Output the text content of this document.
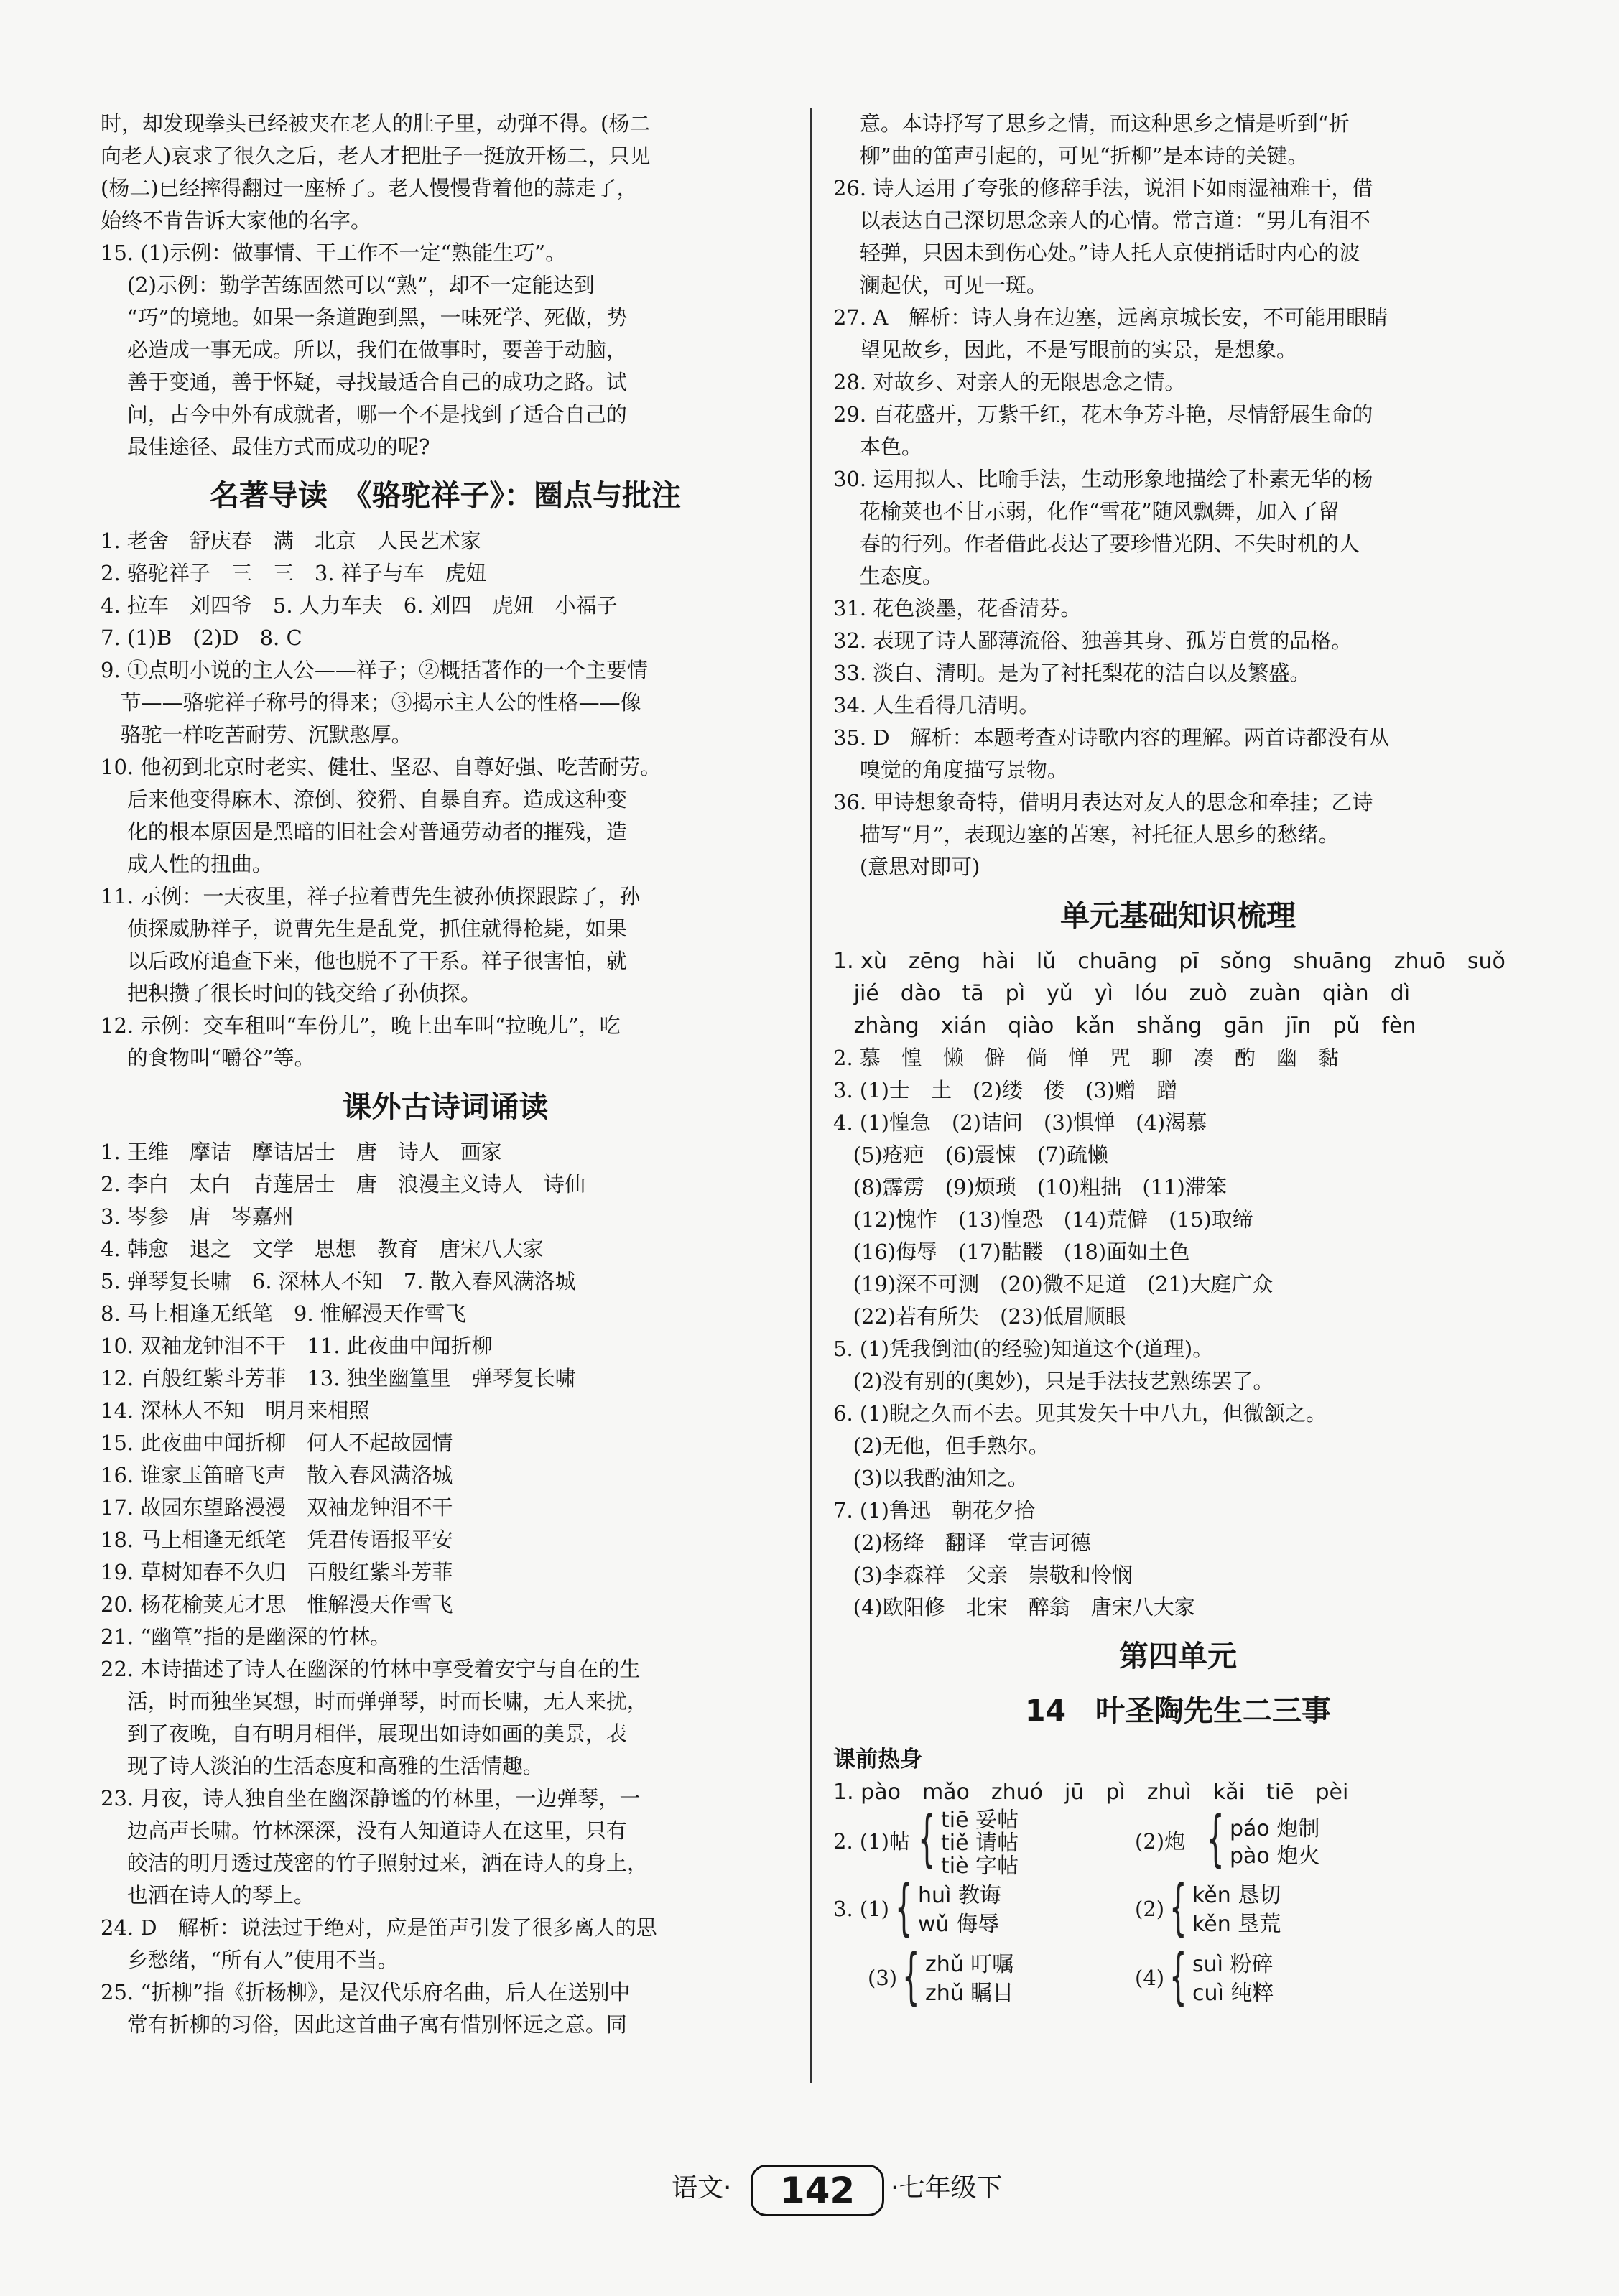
时，却发现拳头已经被夹在老人的肚子里，动弹不得。(杨二
向老人)哀求了很久之后，老人才把肚子一挺放开杨二，只见
(杨二)已经摔得翻过一座桥了。老人慢慢背着他的蒜走了，
始终不肯告诉大家他的名字。
15. (1)示例：做事情、干工作不一定“熟能生巧”。
(2)示例：勤学苦练固然可以“熟”，却不一定能达到
“巧”的境地。如果一条道跑到黑，一味死学、死做，势
必造成一事无成。所以，我们在做事时，要善于动脑，
善于变通，善于怀疑，寻找最适合自己的成功之路。试
问，古今中外有成就者，哪一个不是找到了适合自己的
最佳途径、最佳方式而成功的呢?
名著导读　《骆驼祥子》：圈点与批注
1. 老舍　舒庆春　满　北京　人民艺术家
2. 骆驼祥子　三　三　3. 祥子与车　虎妞
4. 拉车　刘四爷　5. 人力车夫　6. 刘四　虎妞　小福子
7. (1)B　(2)D　8. C
9. ①点明小说的主人公——祥子；②概括著作的一个主要情
节——骆驼祥子称号的得来；③揭示主人公的性格——像
骆驼一样吃苦耐劳、沉默憨厚。
10. 他初到北京时老实、健壮、坚忍、自尊好强、吃苦耐劳。
后来他变得麻木、潦倒、狡猾、自暴自弃。造成这种变
化的根本原因是黑暗的旧社会对普通劳动者的摧残，造
成人性的扭曲。
11. 示例：一天夜里，祥子拉着曹先生被孙侦探跟踪了，孙
侦探威胁祥子，说曹先生是乱党，抓住就得枪毙，如果
以后政府追查下来，他也脱不了干系。祥子很害怕，就
把积攒了很长时间的钱交给了孙侦探。
12. 示例：交车租叫“车份儿”，晚上出车叫“拉晚儿”，吃
的食物叫“嚼谷”等。
课外古诗词诵读
1. 王维　摩诘　摩诘居士　唐　诗人　画家
2. 李白　太白　青莲居士　唐　浪漫主义诗人　诗仙
3. 岑参　唐　岑嘉州
4. 韩愈　退之　文学　思想　教育　唐宋八大家
5. 弹琴复长啸　6. 深林人不知　7. 散入春风满洛城
8. 马上相逢无纸笔　9. 惟解漫天作雪飞
10. 双袖龙钟泪不干　11. 此夜曲中闻折柳
12. 百般红紫斗芳菲　13. 独坐幽篁里　弹琴复长啸
14. 深林人不知　明月来相照
15. 此夜曲中闻折柳　何人不起故园情
16. 谁家玉笛暗飞声　散入春风满洛城
17. 故园东望路漫漫　双袖龙钟泪不干
18. 马上相逢无纸笔　凭君传语报平安
19. 草树知春不久归　百般红紫斗芳菲
20. 杨花榆荚无才思　惟解漫天作雪飞
21. “幽篁”指的是幽深的竹林。
22. 本诗描述了诗人在幽深的竹林中享受着安宁与自在的生
活，时而独坐冥想，时而弹弹琴，时而长啸，无人来扰，
到了夜晚，自有明月相伴，展现出如诗如画的美景，表
现了诗人淡泊的生活态度和高雅的生活情趣。
23. 月夜，诗人独自坐在幽深静谧的竹林里，一边弹琴，一
边高声长啸。竹林深深，没有人知道诗人在这里，只有
皎洁的明月透过茂密的竹子照射过来，洒在诗人的身上，
也洒在诗人的琴上。
24. D　解析：说法过于绝对，应是笛声引发了很多离人的思
乡愁绪，“所有人”使用不当。
25. “折柳”指《折杨柳》，是汉代乐府名曲，后人在送别中
常有折柳的习俗，因此这首曲子寓有惜别怀远之意。同
意。本诗抒写了思乡之情，而这种思乡之情是听到“折
柳”曲的笛声引起的，可见“折柳”是本诗的关键。
26. 诗人运用了夸张的修辞手法，说泪下如雨湿袖难干，借
以表达自己深切思念亲人的心情。常言道：“男儿有泪不
轻弹，只因未到伤心处。”诗人托人京使捎话时内心的波
澜起伏，可见一斑。
27. A　解析：诗人身在边塞，远离京城长安，不可能用眼睛
望见故乡，因此，不是写眼前的实景，是想象。
28. 对故乡、对亲人的无限思念之情。
29. 百花盛开，万紫千红，花木争芳斗艳，尽情舒展生命的
本色。
30. 运用拟人、比喻手法，生动形象地描绘了朴素无华的杨
花榆荚也不甘示弱，化作“雪花”随风飘舞，加入了留
春的行列。作者借此表达了要珍惜光阴、不失时机的人
生态度。
31. 花色淡墨，花香清芬。
32. 表现了诗人鄙薄流俗、独善其身、孤芳自赏的品格。
33. 淡白、清明。是为了衬托梨花的洁白以及繁盛。
34. 人生看得几清明。
35. D　解析：本题考查对诗歌内容的理解。两首诗都没有从
嗅觉的角度描写景物。
36. 甲诗想象奇特，借明月表达对友人的思念和牵挂；乙诗
描写“月”，表现边塞的苦寒，衬托征人思乡的愁绪。
(意思对即可)
单元基础知识梳理
1. xù　zēng　hài　lǔ　chuāng　pī　sǒng　shuāng　zhuō　suǒ
jié　dào　tā　pì　yǔ　yì　lóu　zuò　zuàn　qiàn　dì
zhàng　xián　qiào　kǎn　shǎng　gān　jīn　pǔ　fèn
2. 慕　惶　懒　僻　倘　惮　咒　聊　凑　酌　幽　黏
3. (1)士　土　(2)缕　偻　(3)赠　蹭
4. (1)惶急　(2)诘问　(3)惧惮　(4)渴慕
(5)疮疤　(6)震悚　(7)疏懒
(8)霹雳　(9)烦琐　(10)粗拙　(11)滞笨
(12)愧怍　(13)惶恐　(14)荒僻　(15)取缔
(16)侮辱　(17)骷髅　(18)面如土色
(19)深不可测　(20)微不足道　(21)大庭广众
(22)若有所失　(23)低眉顺眼
5. (1)凭我倒油(的经验)知道这个(道理)。
(2)没有别的(奥妙)，只是手法技艺熟练罢了。
6. (1)睨之久而不去。见其发矢十中八九，但微颔之。
(2)无他，但手熟尔。
(3)以我酌油知之。
7. (1)鲁迅　朝花夕拾
(2)杨绛　翻译　堂吉诃德
(3)李森祥　父亲　崇敬和怜悯
(4)欧阳修　北宋　醉翁　唐宋八大家
第四单元
14　叶圣陶先生二三事
课前热身
1. pào　mǎo　zhuó　jū　pì　zhuì　kǎi　tiē　pèi
2. (1)帖 { tiē 妥帖
tiě 请帖
tiè 字帖
(2)炮 { páo 炮制
pào 炮火
3. (1) { huì 教诲
wǔ 侮辱
(2) { kěn 恳切
kěn 垦荒
(3) { zhǔ 叮嘱
zhǔ 瞩目
(4) { suì 粉碎
cuì 纯粹
语文·	142	·七年级下
